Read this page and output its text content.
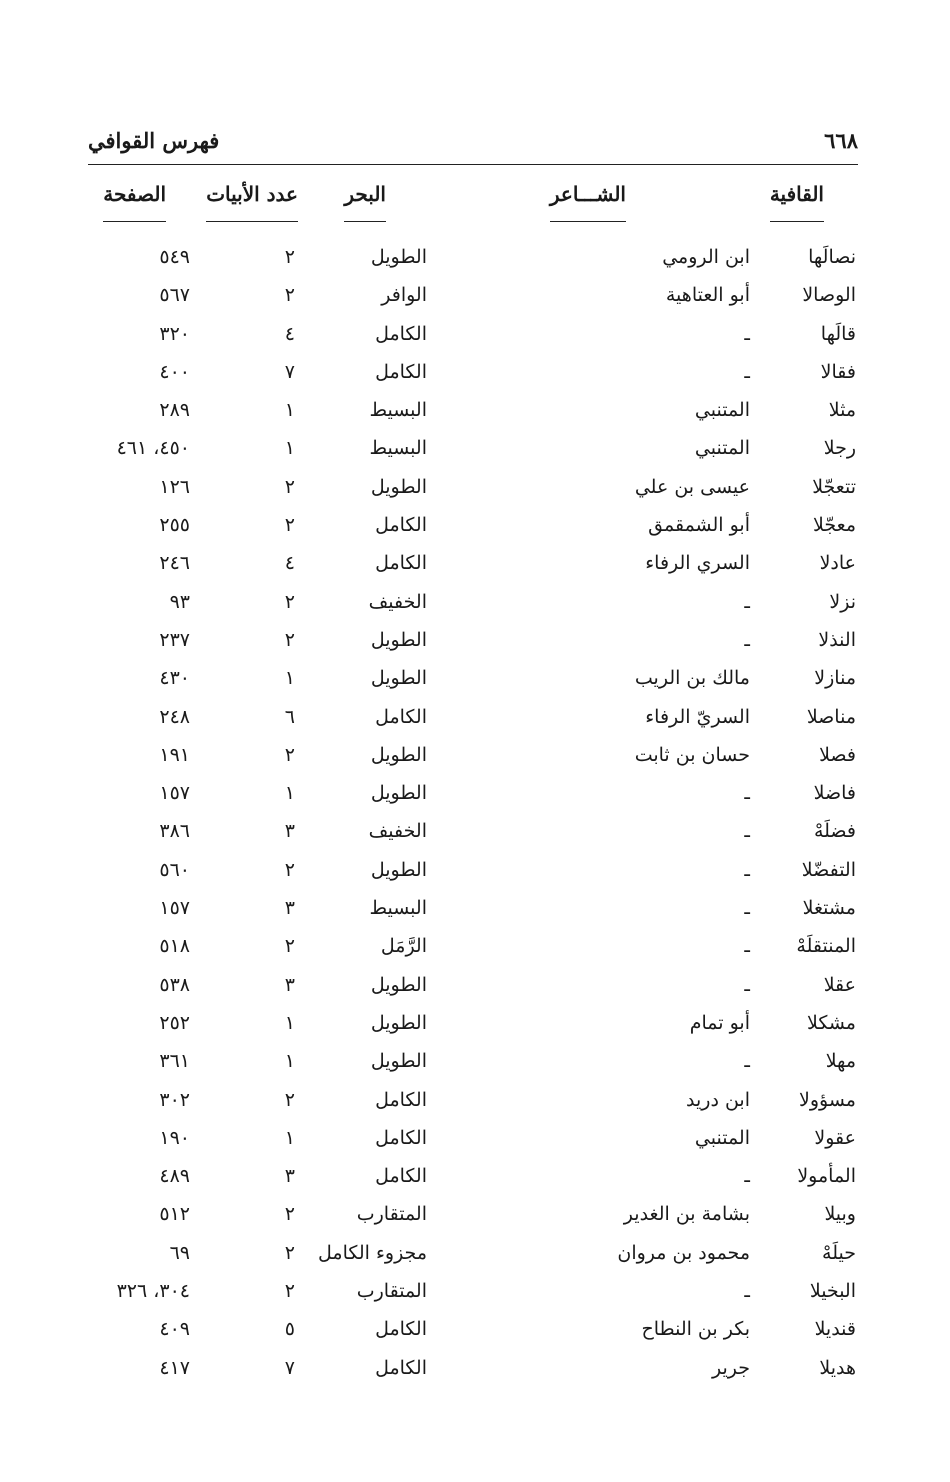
٦٦٨
فهرس القوافي
القافية
الشـــاعر
البحر
عدد الأبيات
الصفحة
نصالَها
ابن الرومي
الطويل
٢
٥٤٩
الوصالا
أبو العتاهية
الوافر
٢
٥٦٧
قالَها
ـ
الكامل
٤
٣٢٠
فقالا
ـ
الكامل
٧
٤٠٠
مثلا
المتنبي
البسيط
١
٢٨٩
رجلا
المتنبي
البسيط
١
٤٥٠، ٤٦١
تتعجّلا
عيسى بن علي
الطويل
٢
١٢٦
معجّلا
أبو الشمقمق
الكامل
٢
٢٥٥
عادلا
السري الرفاء
الكامل
٤
٢٤٦
نزلا
ـ
الخفيف
٢
٩٣
النذلا
ـ
الطويل
٢
٢٣٧
منازلا
مالك بن الريب
الطويل
١
٤٣٠
مناصلا
السريّ الرفاء
الكامل
٦
٢٤٨
فصلا
حسان بن ثابت
الطويل
٢
١٩١
فاضلا
ـ
الطويل
١
١٥٧
فضلَهْ
ـ
الخفيف
٣
٣٨٦
التفضّلا
ـ
الطويل
٢
٥٦٠
مشتغلا
ـ
البسيط
٣
١٥٧
المنتقلَهْ
ـ
الرَّمَل
٢
٥١٨
عقلا
ـ
الطويل
٣
٥٣٨
مشكلا
أبو تمام
الطويل
١
٢٥٢
مهلا
ـ
الطويل
١
٣٦١
مسؤولا
ابن دريد
الكامل
٢
٣٠٢
عقولا
المتنبي
الكامل
١
١٩٠
المأمولا
ـ
الكامل
٣
٤٨٩
وبيلا
بشامة بن الغدير
المتقارب
٢
٥١٢
حيلَهْ
محمود بن مروان
مجزوء الكامل
٢
٦٩
البخيلا
ـ
المتقارب
٢
٣٠٤، ٣٢٦
قنديلا
بكر بن النطاح
الكامل
٥
٤٠٩
هديلا
جرير
الكامل
٧
٤١٧
